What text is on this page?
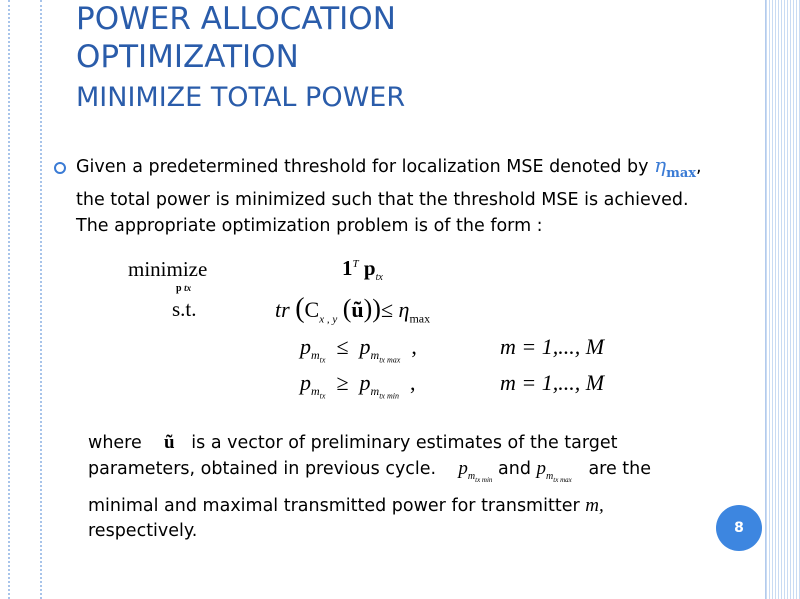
POWER ALLOCATION
OPTIMIZATION
MINIMIZE TOTAL POWER
Given a predetermined threshold for localization MSE denoted by $\eta_{max}$,
the total power is minimized such that the threshold MSE is achieved.
The appropriate optimization problem is of the form :
minimize
p tx
$1^T$ $p_{tx}$
s.t.	tr ($C_{x , y}$ (ũ))≤ $\eta_{max}$
$p_{m_{tx}} \le p_{m_{tx max}}$  ,	m = 1,..., M
$p_{m_{tx}} \ge p_{m_{tx min}}$  ,	m = 1,..., M
where ũ is a vector of preliminary estimates of the target
parameters, obtained in previous cycle. $p_{m_{tx min}}$ and $p_{m_{tx max}}$   are the
minimal and maximal transmitted power for transmitter m,
respectively.	8
